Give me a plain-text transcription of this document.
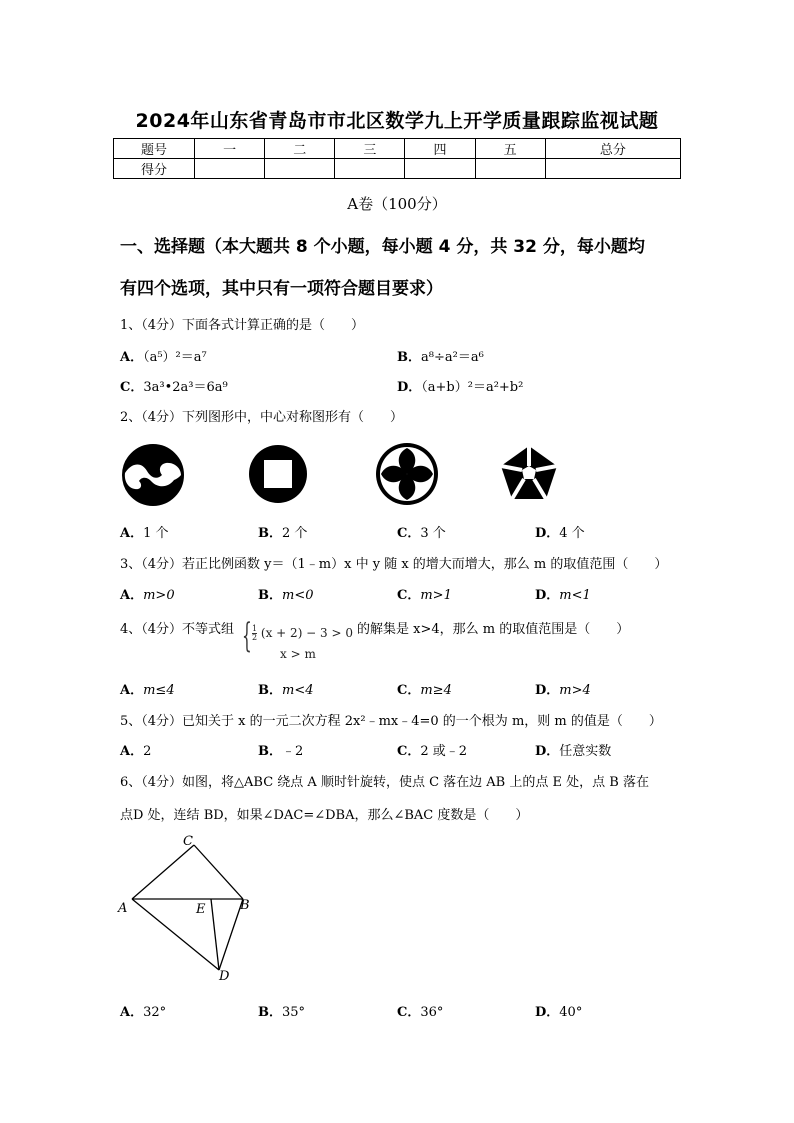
2024年山东省青岛市市北区数学九上开学质量跟踪监视试题
题号	一	二	三	四	五	总分
得分						
A卷（100分）
一、选择题（本大题共 8 个小题，每小题 4 分，共 32 分，每小题均
有四个选项，其中只有一项符合题目要求）
1、（4分）下面各式计算正确的是（　　）
A．（a⁵）²＝a⁷	B．a⁸÷a²＝a⁶
C．3a³•2a³＝6a⁹	D．（a+b）²＝a²+b²
2、（4分）下列图形中，中心对称图形有（　　）
A．1 个	B．2 个	C．3 个	D．4 个
3、（4分）若正比例函数 y＝（1﹣m）x 中 y 随 x 的增大而增大，那么 m 的取值范围（　　）
A．m>0	B．m<0	C．m>1	D．m<1
4、（4分）不等式组 { $\frac{1}{2} (x + 2) - 3 > 0$
x > m
的解集是 x>4，那么 m 的取值范围是（　　）
A．m≤4	B．m<4	C．m≥4	D．m>4
5、（4分）已知关于 x 的一元二次方程 2x²﹣mx﹣4=0 的一个根为 m，则 m 的值是（　　）
A．2	B．﹣2	C．2 或﹣2	D．任意实数
6、（4分）如图，将△ABC 绕点 A 顺时针旋转，使点 C 落在边 AB 上的点 E 处，点 B 落在
点D 处，连结 BD，如果∠DAC=∠DBA，那么∠BAC 度数是（　　）
C
A	E	B
D
A．32°	B．35°	C．36°	D．40°
